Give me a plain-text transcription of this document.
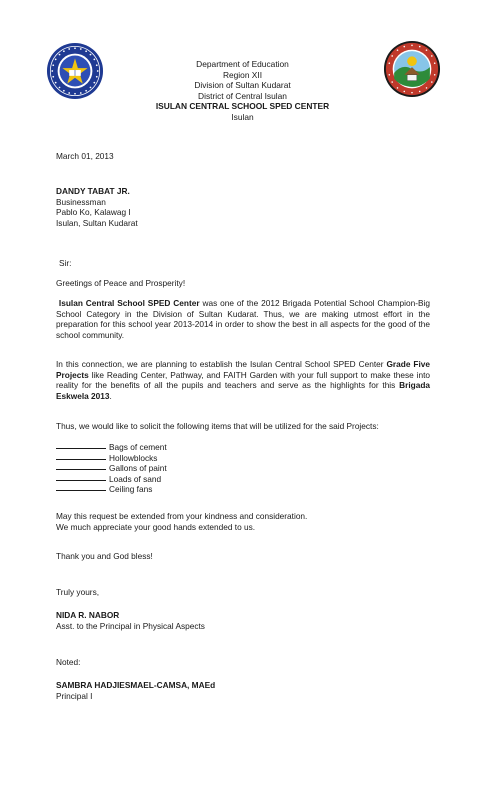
Department of Education
Region XII
Division of Sultan Kudarat
District of Central Isulan
ISULAN CENTRAL SCHOOL SPED CENTER
Isulan
March 01, 2013
DANDY TABAT JR.
Businessman
Pablo Ko, Kalawag I
Isulan, Sultan Kudarat
Sir:
Greetings of Peace and Prosperity!
Isulan Central School SPED Center was one of the 2012 Brigada Potential School Champion-Big School Category in the Division of Sultan Kudarat. Thus, we are making utmost effort in the preparation for this school year 2013-2014 in order to show the best in all aspects for the good of the school community.
In this connection, we are planning to establish the Isulan Central School SPED Center Grade Five Projects like Reading Center, Pathway, and FAITH Garden with your full support to make these into reality for the benefits of all the pupils and teachers and serve as the highlights for this Brigada Eskwela 2013.
Thus, we would like to solicit the following items that will be utilized for the said Projects:
Bags of cement
Hollowblocks
Gallons of paint
Loads of sand
Ceiling fans
May this request be extended from your kindness and consideration.
We much appreciate your good hands extended to us.
Thank you and God bless!
Truly yours,
NIDA R. NABOR
Asst. to the Principal in Physical Aspects
Noted:
SAMBRA HADJIESMAEL-CAMSA, MAEd
Principal I
